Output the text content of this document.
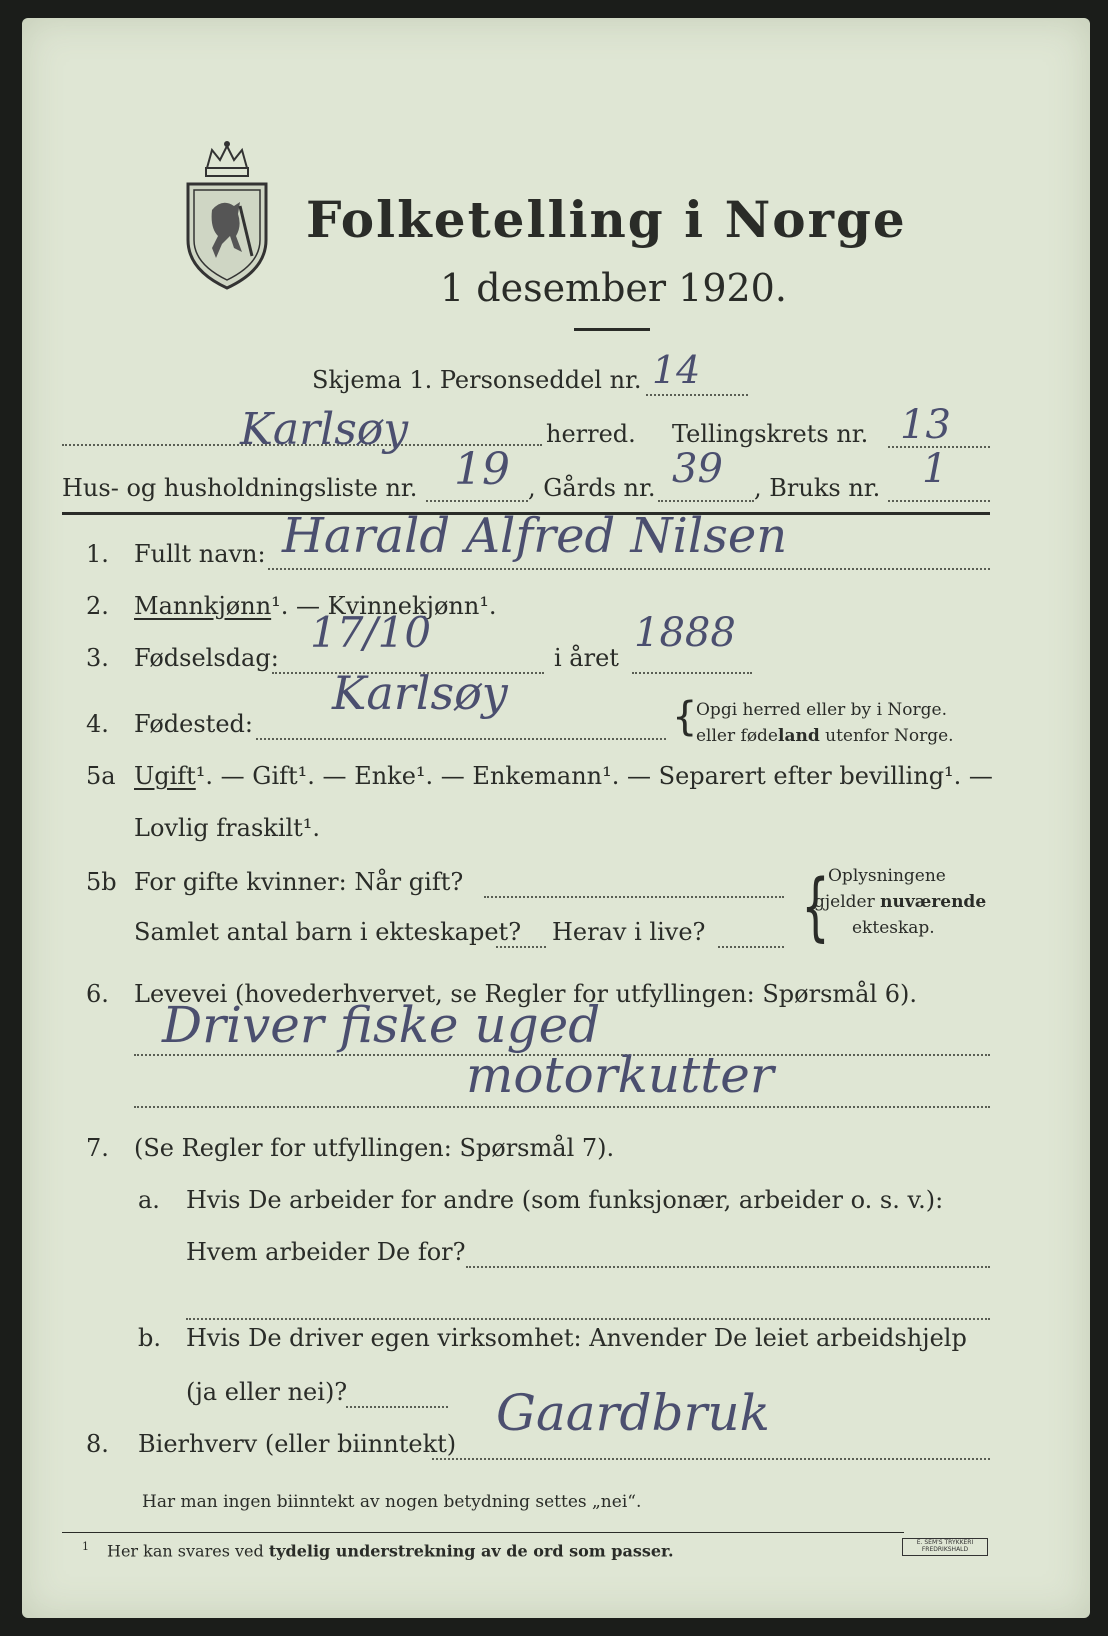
Folketelling i Norge
1 desember 1920.
Skjema 1. Personseddel nr. 14
Karlsøy	herred. Tellingskrets nr. 13
Hus- og husholdningsliste nr. 19 , Gårds nr. 39 , Bruks nr. 1
1. Fullt navn: Harald Alfred Nilsen
2. Mannkjønn¹. — Kvinnekjønn¹.
3. Fødselsdag:
17/10
i året
1888
4. Fødested:
Karlsøy	{
Opgi herred eller by i Norge.
eller fødeland utenfor Norge.
5a Ugift¹. — Gift¹. — Enke¹. — Enkemann¹. — Separert efter bevilling¹. —
Lovlig fraskilt¹.
5b For gifte kvinner: Når gift?
Samlet antal barn i ekteskapet? Herav i live? {
Oplysningene
gjelder nuværende
ekteskap.
6. Levevei (hovederhvervet, se Regler for utfyllingen: Spørsmål 6).
Driver fiske uged
motorkutter
7. (Se Regler for utfyllingen: Spørsmål 7).
a. Hvis De arbeider for andre (som funksjonær, arbeider o. s. v.):
Hvem arbeider De for?
b. Hvis De driver egen virksomhet: Anvender De leiet arbeidshjelp
(ja eller nei)?
8. Bierhverv (eller biinntekt)
Gaardbruk
Har man ingen biinntekt av nogen betydning settes „nei“.
$^1$ Her kan svares ved tydelig understrekning av de ord som passer.	E. SEM'S TRYKKERI FREDRIKSHALD
